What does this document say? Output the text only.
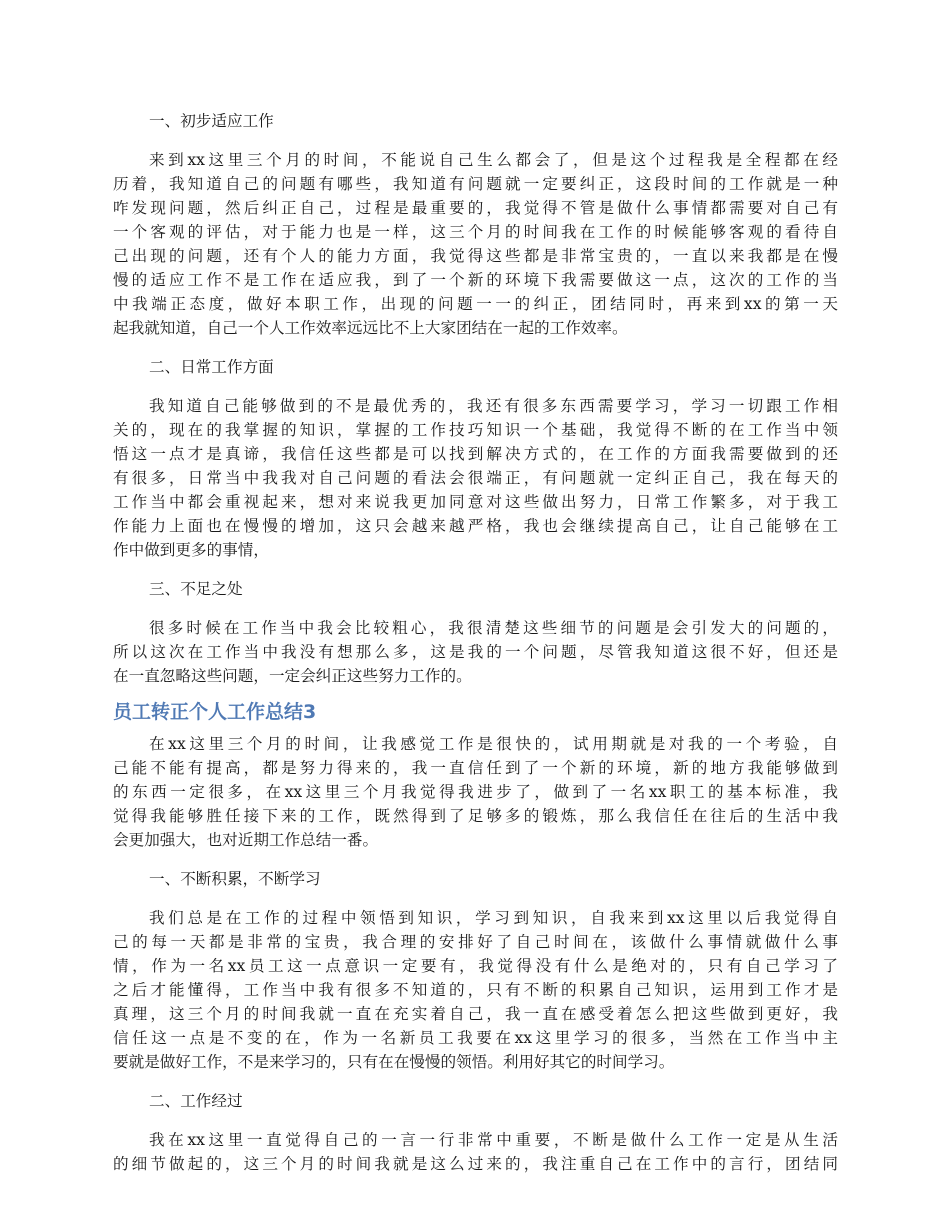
一、初步适应工作
来到xx这里三个月的时间，不能说自己生么都会了，但是这个过程我是全程都在经
历着，我知道自己的问题有哪些，我知道有问题就一定要纠正，这段时间的工作就是一种
咋发现问题，然后纠正自己，过程是最重要的，我觉得不管是做什么事情都需要对自己有
一个客观的评估，对于能力也是一样，这三个月的时间我在工作的时候能够客观的看待自
己出现的问题，还有个人的能力方面，我觉得这些都是非常宝贵的，一直以来我都是在慢
慢的适应工作不是工作在适应我，到了一个新的环境下我需要做这一点，这次的工作的当
中我端正态度，做好本职工作，出现的问题一一的纠正，团结同时，再来到xx的第一天
起我就知道，自己一个人工作效率远远比不上大家团结在一起的工作效率。
二、日常工作方面
我知道自己能够做到的不是最优秀的，我还有很多东西需要学习，学习一切跟工作相
关的，现在的我掌握的知识，掌握的工作技巧知识一个基础，我觉得不断的在工作当中领
悟这一点才是真谛，我信任这些都是可以找到解决方式的，在工作的方面我需要做到的还
有很多，日常当中我我对自己问题的看法会很端正，有问题就一定纠正自己，我在每天的
工作当中都会重视起来，想对来说我更加同意对这些做出努力，日常工作繁多，对于我工
作能力上面也在慢慢的增加，这只会越来越严格，我也会继续提高自己，让自己能够在工
作中做到更多的事情，
三、不足之处
很多时候在工作当中我会比较粗心，我很清楚这些细节的问题是会引发大的问题的，
所以这次在工作当中我没有想那么多，这是我的一个问题，尽管我知道这很不好，但还是
在一直忽略这些问题，一定会纠正这些努力工作的。
员工转正个人工作总结3
在xx这里三个月的时间，让我感觉工作是很快的，试用期就是对我的一个考验，自
己能不能有提高，都是努力得来的，我一直信任到了一个新的环境，新的地方我能够做到
的东西一定很多，在xx这里三个月我觉得我进步了，做到了一名xx职工的基本标准，我
觉得我能够胜任接下来的工作，既然得到了足够多的锻炼，那么我信任在往后的生活中我
会更加强大，也对近期工作总结一番。
一、不断积累，不断学习
我们总是在工作的过程中领悟到知识，学习到知识，自我来到xx这里以后我觉得自
己的每一天都是非常的宝贵，我合理的安排好了自己时间在，该做什么事情就做什么事
情，作为一名xx员工这一点意识一定要有，我觉得没有什么是绝对的，只有自己学习了
之后才能懂得，工作当中我有很多不知道的，只有不断的积累自己知识，运用到工作才是
真理，这三个月的时间我就一直在充实着自己，我一直在感受着怎么把这些做到更好，我
信任这一点是不变的在，作为一名新员工我要在xx这里学习的很多，当然在工作当中主
要就是做好工作，不是来学习的，只有在在慢慢的领悟。利用好其它的时间学习。
二、工作经过
我在xx这里一直觉得自己的一言一行非常中重要，不断是做什么工作一定是从生活
的细节做起的，这三个月的时间我就是这么过来的，我注重自己在工作中的言行，团结同
